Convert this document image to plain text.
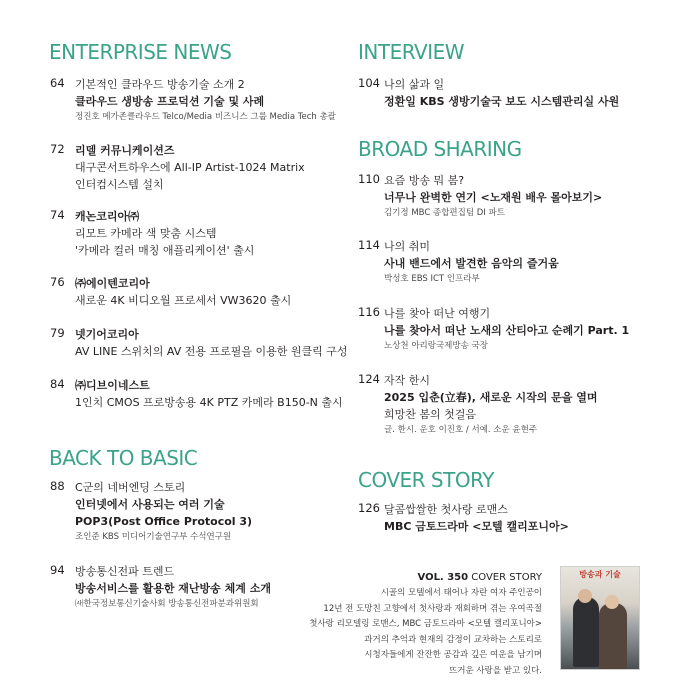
ENTERPRISE NEWS
64 기본적인 클라우드 방송기술 소개 2
클라우드 생방송 프로덕션 기술 및 사례
정진호 메가존클라우드 Telco/Media 비즈니스 그룹 Media Tech 총괄
72 리델 커뮤니케이션즈
대구콘서트하우스에 All-IP Artist-1024 Matrix
인터컴시스템 설치
74 캐논코리아㈜
리모트 카메라 색 맞춤 시스템
'카메라 컬러 매칭 애플리케이션' 출시
76 ㈜에이텐코리아
새로운 4K 비디오월 프로세서 VW3620 출시
79 넷기어코리아
AV LINE 스위치의 AV 전용 프로필을 이용한 원클릭 구성
84 ㈜디브이네스트
1인치 CMOS 프로방송용 4K PTZ 카메라 B150-N 출시
BACK TO BASIC
88 C군의 네버엔딩 스토리
인터넷에서 사용되는 여러 기술
POP3(Post Office Protocol 3)
조인준 KBS 미디어기술연구부 수석연구원
94 방송통신전파 트렌드
방송서비스를 활용한 재난방송 체계 소개
㈔한국정보통신기술사회 방송통신전파분과위원회
INTERVIEW
104 나의 삶과 일
정환일 KBS 생방기술국 보도 시스템관리실 사원
BROAD SHARING
110 요즘 방송 뭐 봄?
너무나 완벽한 연기 <노재원 배우 몰아보기>
김기정 MBC 종합편집팀 DI 파트
114 나의 취미
사내 밴드에서 발견한 음악의 즐거움
박성호 EBS ICT 인프라부
116 나를 찾아 떠난 여행기
나를 찾아서 떠난 노새의 산티아고 순례기 Part. 1
노상천 아리랑국제방송 국장
124 자작 한시
2025 입춘(立春), 새로운 시작의 문을 열며
희망찬 봄의 첫걸음
글. 한시. 운호 이진호 / 서예. 소운 윤현주
COVER STORY
126 달콤쌉쌀한 첫사랑 로맨스
MBC 금토드라마 <모텔 캘리포니아>
VOL. 350 COVER STORY
시골의 모텔에서 태어나 자란 여자 주인공이
12년 전 도망친 고향에서 첫사랑과 재회하며 겪는 우여곡절
첫사랑 리모델링 로맨스, MBC 금토드라마 <모텔 캘리포니아>
과거의 추억과 현재의 감정이 교차하는 스토리로
시청자들에게 잔잔한 공감과 깊은 여운을 남기며
뜨거운 사랑을 받고 있다.
방송과 기술
